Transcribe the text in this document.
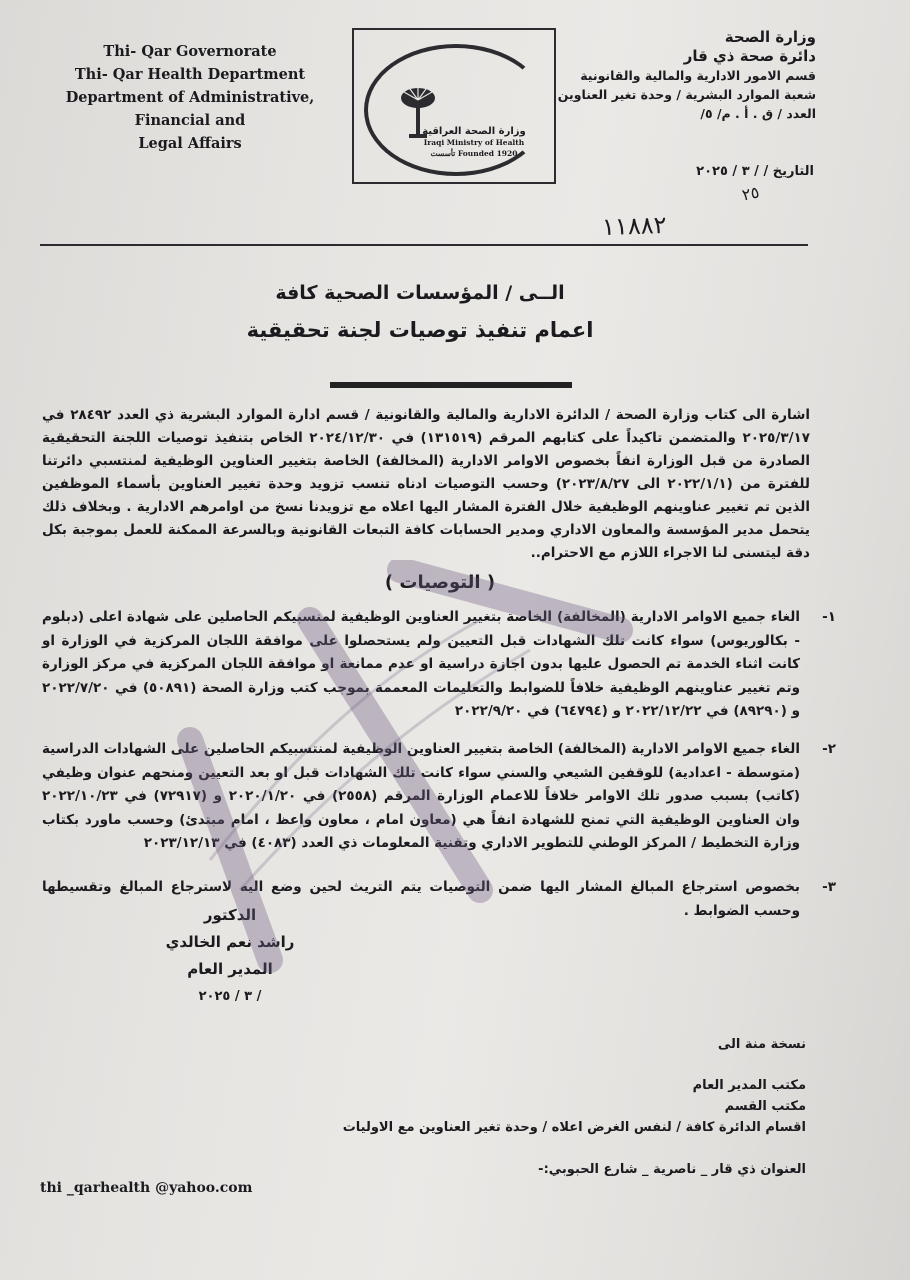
Thi- Qar Governorate
Thi- Qar Health Department
Department of Administrative, Financial and
Legal Affairs
وزارة الصحة العراقية
Iraqi Ministry of Health
تأسست Founded 1920
وزارة الصحة
دائرة صحة ذي قار
قسم الامور الادارية والمالية والقانونية
شعبة الموارد البشرية / وحدة تغير العناوين
العدد / ق . أ . م/ ٥/
التاريخ / / ٣ / ٢٠٢٥
٢٥
١١٨٨٢
الــى / المؤسسات الصحية كافة
اعمام تنفيذ توصيات لجنة تحقيقية
اشارة الى كتاب وزارة الصحة / الدائرة الادارية والمالية والقانونية / قسم ادارة الموارد البشرية ذي العدد ٢٨٤٩٢ في ٢٠٢٥/٣/١٧ والمتضمن تاكيداً على كتابهم المرقم (١٣١٥١٩) في ٢٠٢٤/١٢/٣٠ الخاص بتنفيذ توصيات اللجنة التحقيقية الصادرة من قبل الوزارة انفاً بخصوص الاوامر الادارية (المخالفة) الخاصة بتغيير العناوين الوظيفية لمنتسبي دائرتنا للفترة من (٢٠٢٢/١/١ الى ٢٠٢٣/٨/٢٧) وحسب التوصيات ادناه تنسب تزويد وحدة تغيير العناوين بأسماء الموظفين الذين تم تغيير عناوينهم الوظيفية خلال الفترة المشار اليها اعلاه مع تزويدنا نسخ من اوامرهم الادارية . وبخلاف ذلك يتحمل مدير المؤسسة والمعاون الاداري ومدير الحسابات كافة التبعات القانونية وبالسرعة الممكنة للعمل بموجبة بكل دقة ليتسنى لنا الاجراء اللازم مع الاحترام..
( التوصيات )
١-
الغاء جميع الاوامر الادارية (المخالفة) الخاصة بتغيير العناوين الوظيفية لمنسبيكم الحاصلين على شهادة اعلى (دبلوم - بكالوريوس) سواء كانت تلك الشهادات قبل التعيين ولم يستحصلوا على موافقة اللجان المركزية في الوزارة او كانت اثناء الخدمة تم الحصول عليها بدون اجازة دراسية او عدم ممانعة او موافقة اللجان المركزية في مركز الوزارة وتم تغيير عناوينهم الوظيفية خلافاً للضوابط والتعليمات المعممة بموجب كتب وزارة الصحة (٥٠٨٩١) في ٢٠٢٢/٧/٢٠ و (٨٩٢٩٠) في ٢٠٢٢/١٢/٢٢ و (٦٤٧٩٤) في ٢٠٢٢/٩/٢٠
٢-
الغاء جميع الاوامر الادارية (المخالفة) الخاصة بتغيير العناوين الوظيفية لمنتسبيكم الحاصلين على الشهادات الدراسية (متوسطة - اعدادية) للوقفين الشيعي والسني سواء كانت تلك الشهادات قبل او بعد التعيين ومنحهم عنوان وظيفي (كاتب) بسبب صدور تلك الاوامر خلافاً للاعمام الوزارة المرقم (٢٥٥٨) في ٢٠٢٠/١/٢٠ و (٧٢٩١٧) في ٢٠٢٢/١٠/٢٣ وان العناوين الوظيفية التي تمنح للشهادة انفاً هي (معاون امام ، معاون واعظ ، امام مبتدئ) وحسب ماورد بكتاب وزارة التخطيط / المركز الوطني للتطوير الاداري وتقنية المعلومات ذي العدد (٤٠٨٣) في ٢٠٢٣/١٢/١٣
٣-
بخصوص استرجاع المبالغ المشار اليها ضمن التوصيات يتم التريث لحين وضع اليه لاسترجاع المبالغ وتقسيطها وحسب الضوابط .
الدكتور
راشد نعم الخالدي
المدير العام
/ ٣ / ٢٠٢٥
نسخة منة الى
مكتب المدير العام
مكتب القسم
اقسام الدائرة كافة / لنفس الغرض اعلاه / وحدة تغير العناوين مع الاوليات
العنوان ذي قار _ ناصرية _ شارع الحبوبي:-
thi _qarhealth @yahoo.com
